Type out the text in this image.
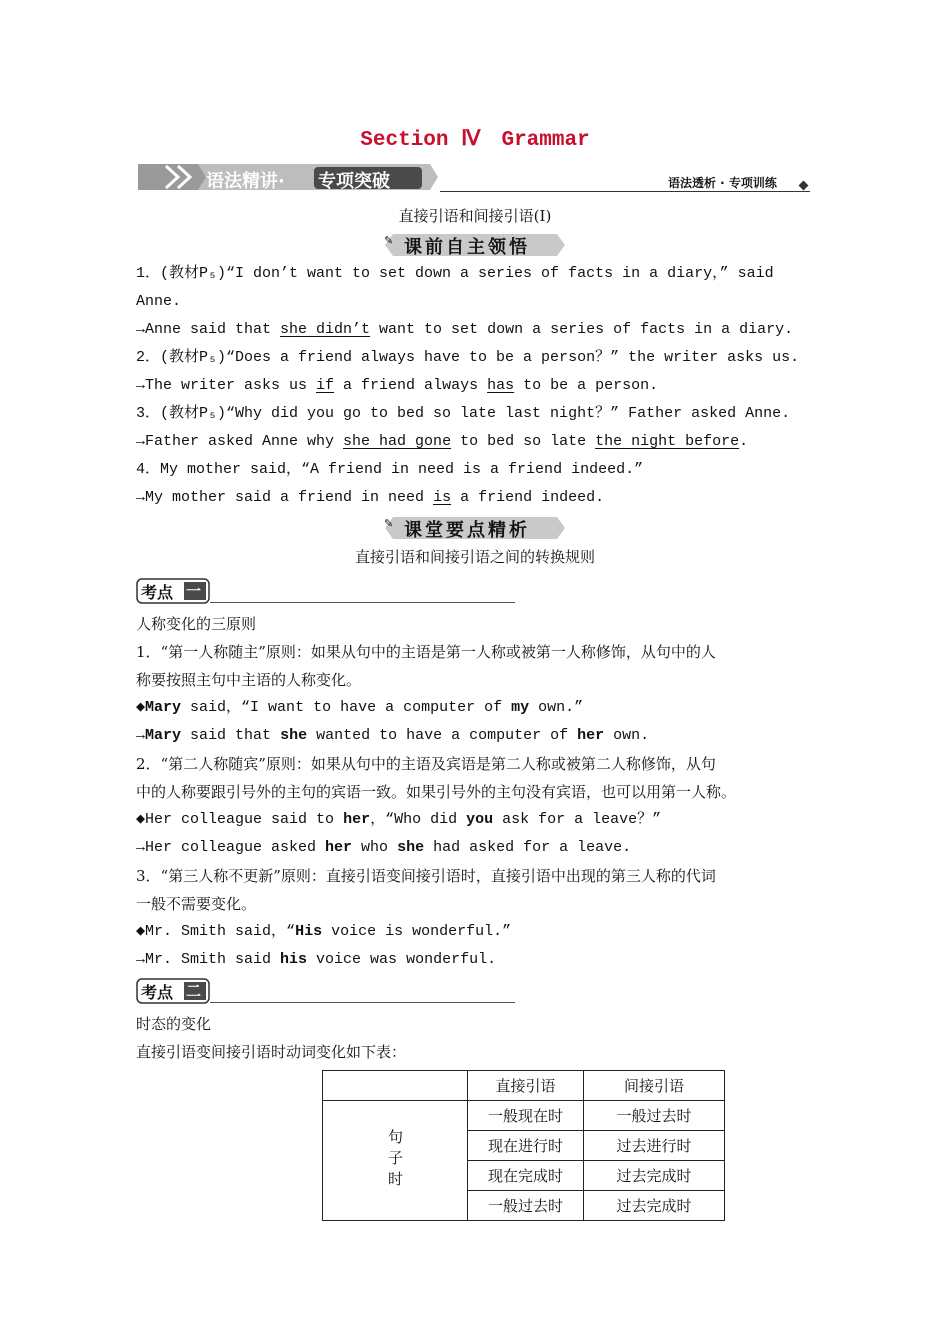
Section Ⅳ　Grammar
语法精讲· 专项突破	语法透析 · 专项训练
直接引语和间接引语(Ⅰ)
✎ 课前自主领悟
1．(教材P₅)“I don’t want to set down a series of facts in a diary，” said
Anne.
→Anne said that she didn’t want to set down a series of facts in a diary.
2．(教材P₅)“Does a friend always have to be a person？” the writer asks us.
→The writer asks us if a friend always has to be a person.
3．(教材P₅)“Why did you go to bed so late last night？” Father asked Anne.
→Father asked Anne why she had gone to bed so late the night before.
4．My mother said，“A friend in need is a friend indeed.”
→My mother said a friend in need is a friend indeed.
✎ 课堂要点精析
直接引语和间接引语之间的转换规则
考点 一
人称变化的三原则
1．“第一人称随主”原则：如果从句中的主语是第一人称或被第一人称修饰，从句中的人
称要按照主句中主语的人称变化。
◆Mary said，“I want to have a computer of my own.”
→Mary said that she wanted to have a computer of her own.
2．“第二人称随宾”原则：如果从句中的主语及宾语是第二人称或被第二人称修饰，从句
中的人称要跟引号外的主句的宾语一致。如果引号外的主句没有宾语，也可以用第一人称。
◆Her colleague said to her，“Who did you ask for a leave？”
→Her colleague asked her who she had asked for a leave.
3．“第三人称不更新”原则：直接引语变间接引语时，直接引语中出现的第三人称的代词
一般不需要变化。
◆Mr. Smith said，“His voice is wonderful.”
→Mr. Smith said his voice was wonderful.
考点 二
时态的变化
直接引语变间接引语时动词变化如下表：
	直接引语	间接引语
句子时	一般现在时	一般过去时
	现在进行时	过去进行时
	现在完成时	过去完成时
	一般过去时	过去完成时
